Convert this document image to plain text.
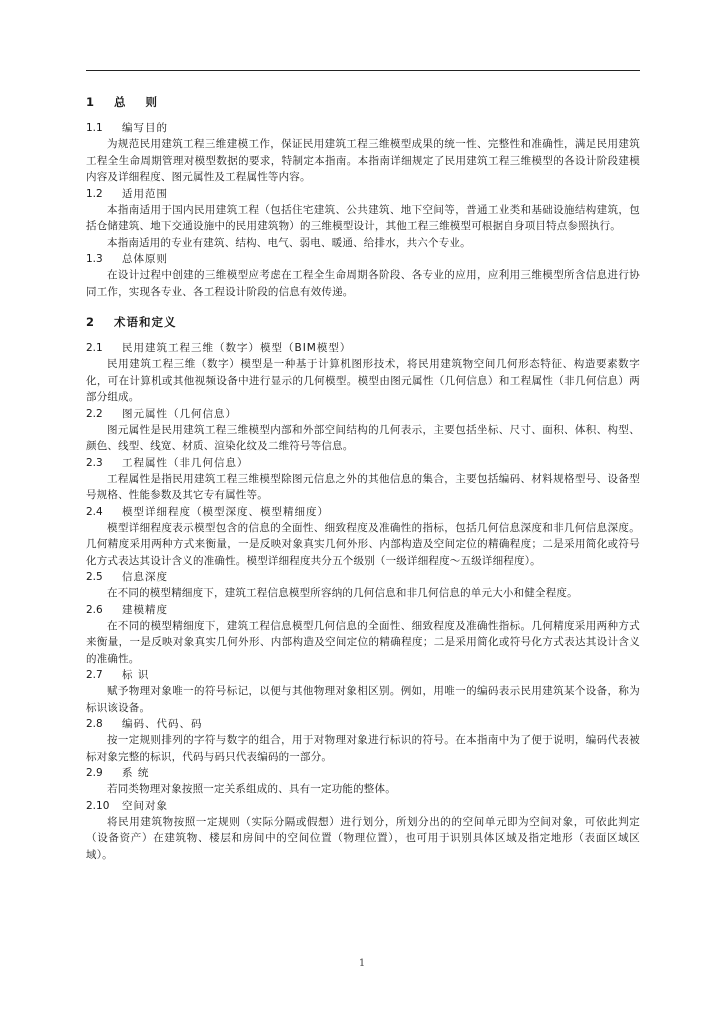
1	总 则
1.1	编写目的
为规范民用建筑工程三维建模工作，保证民用建筑工程三维模型成果的统一性、完整性和准确性，满足民用建筑工程全生命周期管理对模型数据的要求，特制定本指南。本指南详细规定了民用建筑工程三维模型的各设计阶段建模内容及详细程度、图元属性及工程属性等内容。
1.2	适用范围
本指南适用于国内民用建筑工程（包括住宅建筑、公共建筑、地下空间等，普通工业类和基础设施结构建筑，包括仓储建筑、地下交通设施中的民用建筑物）的三维模型设计，其他工程三维模型可根据自身项目特点参照执行。
本指南适用的专业有建筑、结构、电气、弱电、暖通、给排水，共六个专业。
1.3	总体原则
在设计过程中创建的三维模型应考虑在工程全生命周期各阶段、各专业的应用，应利用三维模型所含信息进行协同工作，实现各专业、各工程设计阶段的信息有效传递。
2	术语和定义
2.1	民用建筑工程三维（数字）模型（BIM模型）
民用建筑工程三维（数字）模型是一种基于计算机图形技术，将民用建筑物空间几何形态特征、构造要素数字化，可在计算机或其他视频设备中进行显示的几何模型。模型由图元属性（几何信息）和工程属性（非几何信息）两部分组成。
2.2	图元属性（几何信息）
图元属性是民用建筑工程三维模型内部和外部空间结构的几何表示，主要包括坐标、尺寸、面积、体积、构型、颜色、线型、线宽、材质、渲染化纹及二维符号等信息。
2.3	工程属性（非几何信息）
工程属性是指民用建筑工程三维模型除图元信息之外的其他信息的集合，主要包括编码、材料规格型号、设备型号规格、性能参数及其它专有属性等。
2.4	模型详细程度（模型深度、模型精细度）
模型详细程度表示模型包含的信息的全面性、细致程度及准确性的指标，包括几何信息深度和非几何信息深度。几何精度采用两种方式来衡量，一是反映对象真实几何外形、内部构造及空间定位的精确程度；二是采用简化或符号化方式表达其设计含义的准确性。模型详细程度共分五个级别（一级详细程度～五级详细程度）。
2.5	信息深度
在不同的模型精细度下，建筑工程信息模型所容纳的几何信息和非几何信息的单元大小和健全程度。
2.6	建模精度
在不同的模型精细度下，建筑工程信息模型几何信息的全面性、细致程度及准确性指标。几何精度采用两种方式来衡量，一是反映对象真实几何外形、内部构造及空间定位的精确程度；二是采用简化或符号化方式表达其设计含义的准确性。
2.7	标 识
赋予物理对象唯一的符号标记，以便与其他物理对象相区别。例如，用唯一的编码表示民用建筑某个设备，称为标识该设备。
2.8	编码、代码、码
按一定规则排列的字符与数字的组合，用于对物理对象进行标识的符号。在本指南中为了便于说明，编码代表被标对象完整的标识，代码与码只代表编码的一部分。
2.9	系 统
若同类物理对象按照一定关系组成的、具有一定功能的整体。
2.10	空间对象
将民用建筑物按照一定规则（实际分隔或假想）进行划分，所划分出的的空间单元即为空间对象，可依此判定（设备资产）在建筑物、楼层和房间中的空间位置（物理位置），也可用于识别具体区域及指定地形（表面区域区域）。
1
